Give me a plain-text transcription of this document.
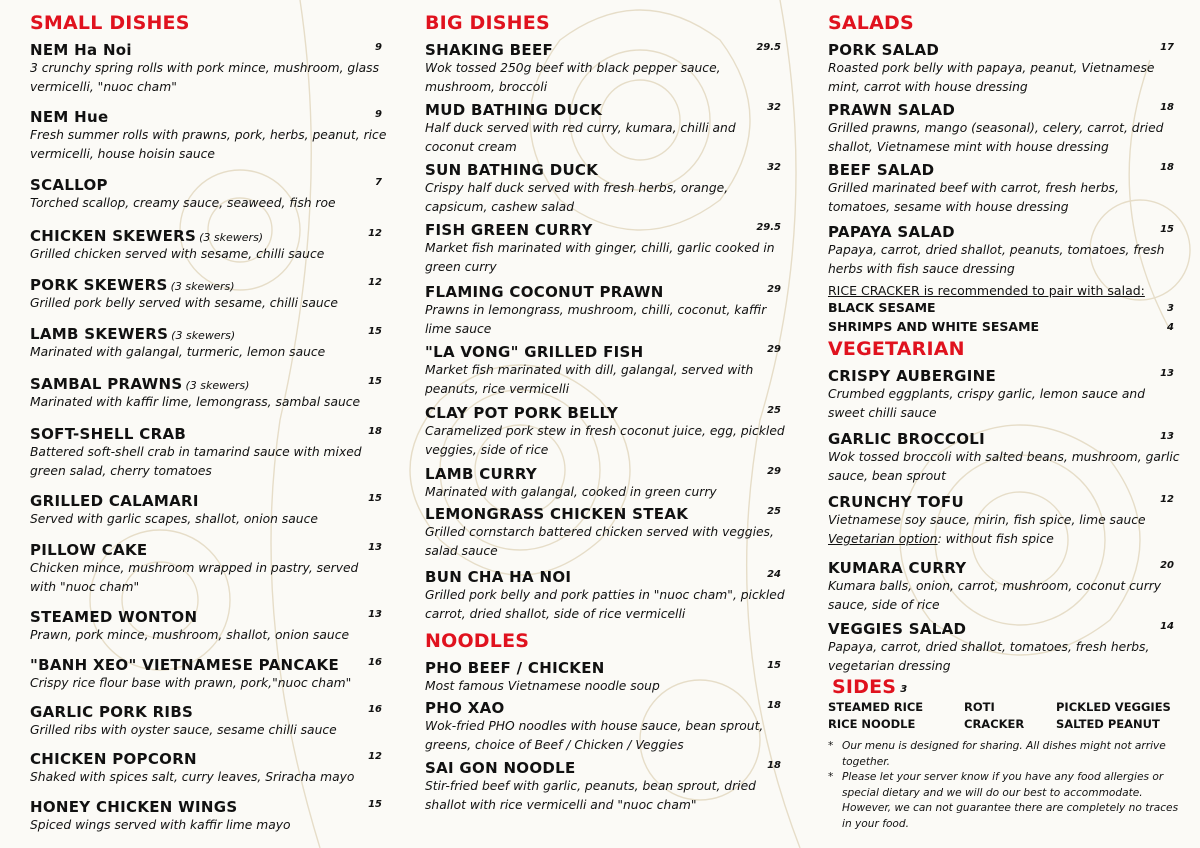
SMALL DISHES
NEM Ha Noi	9

3 crunchy spring rolls with pork mince, mushroom, glass vermicelli, "nuoc cham"

NEM Hue	9

Fresh summer rolls with prawns, pork, herbs, peanut, rice vermicelli, house hoisin sauce

SCALLOP	7

Torched scallop, creamy sauce, seaweed, fish roe

CHICKEN SKEWERS (3 skewers)	12

Grilled chicken served with sesame, chilli sauce

PORK SKEWERS (3 skewers)	12

Grilled pork belly served with sesame, chilli sauce

LAMB SKEWERS (3 skewers)	15

Marinated with galangal, turmeric, lemon sauce

SAMBAL PRAWNS (3 skewers)	15

Marinated with kaffir lime, lemongrass, sambal sauce

SOFT-SHELL CRAB	18

Battered soft-shell crab in tamarind sauce with mixed green salad, cherry tomatoes

GRILLED CALAMARI	15

Served with garlic scapes, shallot, onion sauce

PILLOW CAKE	13

Chicken mince, mushroom wrapped in pastry, served with "nuoc cham"

STEAMED WONTON	13

Prawn, pork mince, mushroom, shallot, onion sauce

"BANH XEO" VIETNAMESE PANCAKE	16

Crispy rice flour base with prawn, pork,"nuoc cham"

GARLIC PORK RIBS	16

Grilled ribs with oyster sauce, sesame chilli sauce

CHICKEN POPCORN	12

Shaked with spices salt, curry leaves, Sriracha mayo

HONEY CHICKEN WINGS	15

Spiced wings served with kaffir lime mayo

BIG DISHES
SHAKING BEEF	29.5

Wok tossed 250g beef with black pepper sauce, mushroom, broccoli

MUD BATHING DUCK	32

Half duck served with red curry, kumara, chilli and coconut cream

SUN BATHING DUCK	32

Crispy half duck served with fresh herbs, orange, capsicum, cashew salad

FISH GREEN CURRY	29.5

Market fish marinated with ginger, chilli, garlic cooked in green curry

FLAMING COCONUT PRAWN	29

Prawns in lemongrass, mushroom, chilli, coconut, kaffir lime sauce

"LA VONG" GRILLED FISH	29

Market fish marinated with dill, galangal, served with peanuts, rice vermicelli

CLAY POT PORK BELLY	25

Caramelized pork stew in fresh coconut juice, egg, pickled veggies, side of rice

LAMB CURRY	29

Marinated with galangal, cooked in green curry

LEMONGRASS CHICKEN STEAK	25

Grilled cornstarch battered chicken served with veggies, salad sauce

BUN CHA HA NOI	24

Grilled pork belly and pork patties in "nuoc cham", pickled carrot, dried shallot, side of rice vermicelli

NOODLES
PHO BEEF / CHICKEN	15

Most famous Vietnamese noodle soup

PHO XAO	18

Wok-fried PHO noodles with house sauce, bean sprout, greens, choice of Beef / Chicken / Veggies

SAI GON NOODLE	18

Stir-fried beef with garlic, peanuts, bean sprout, dried shallot with rice vermicelli and "nuoc cham"

SALADS
PORK SALAD	17

Roasted pork belly with papaya, peanut, Vietnamese mint, carrot with house dressing

PRAWN SALAD	18

Grilled prawns, mango (seasonal), celery, carrot, dried shallot, Vietnamese mint with house dressing

BEEF SALAD	18

Grilled marinated beef with carrot, fresh herbs, tomatoes, sesame with house dressing

PAPAYA SALAD	15

Papaya, carrot, dried shallot, peanuts, tomatoes, fresh herbs with fish sauce dressing

RICE CRACKER is recommended to pair with salad:
BLACK SESAME	3
SHRIMPS AND WHITE SESAME	4
VEGETARIAN
CRISPY AUBERGINE	13

Crumbed eggplants, crispy garlic, lemon sauce and sweet chilli sauce

GARLIC BROCCOLI	13

Wok tossed broccoli with salted beans, mushroom, garlic sauce, bean sprout

CRUNCHY TOFU	12

Vietnamese soy sauce, mirin, fish spice, lime sauce
Vegetarian option: without fish spice

KUMARA CURRY	20

Kumara balls, onion, carrot, mushroom, coconut curry sauce, side of rice

VEGGIES SALAD	14

Papaya, carrot, dried shallot, tomatoes, fresh herbs, vegetarian dressing

SIDES 3
STEAMED RICE	ROTI	PICKLED VEGGIES
RICE NOODLE	CRACKER	SALTED PEANUT
* Our menu is designed for sharing. All dishes might not arrive together.
* Please let your server know if you have any food allergies or special dietary and we will do our best to accommodate. However, we can not guarantee there are completely no traces in your food.
